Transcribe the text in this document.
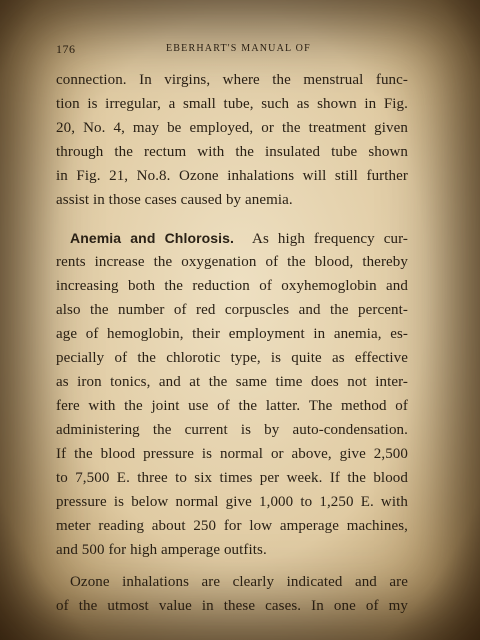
176	EBERHART'S MANUAL OF
connection. In virgins, where the menstrual func-
tion is irregular, a small tube, such as shown in Fig.
20, No. 4, may be employed, or the treatment given
through the rectum with the insulated tube shown
in Fig. 21, No.8. Ozone inhalations will still further
assist in those cases caused by anemia.
Anemia and Chlorosis. As high frequency cur-
rents increase the oxygenation of the blood, thereby
increasing both the reduction of oxyhemoglobin and
also the number of red corpuscles and the percent-
age of hemoglobin, their employment in anemia, es-
pecially of the chlorotic type, is quite as effective
as iron tonics, and at the same time does not inter-
fere with the joint use of the latter. The method of
administering the current is by auto-condensation.
If the blood pressure is normal or above, give 2,500
to 7,500 E. three to six times per week. If the blood
pressure is below normal give 1,000 to 1,250 E. with
meter reading about 250 for low amperage machines,
and 500 for high amperage outfits.
Ozone inhalations are clearly indicated and are
of the utmost value in these cases. In one of my
